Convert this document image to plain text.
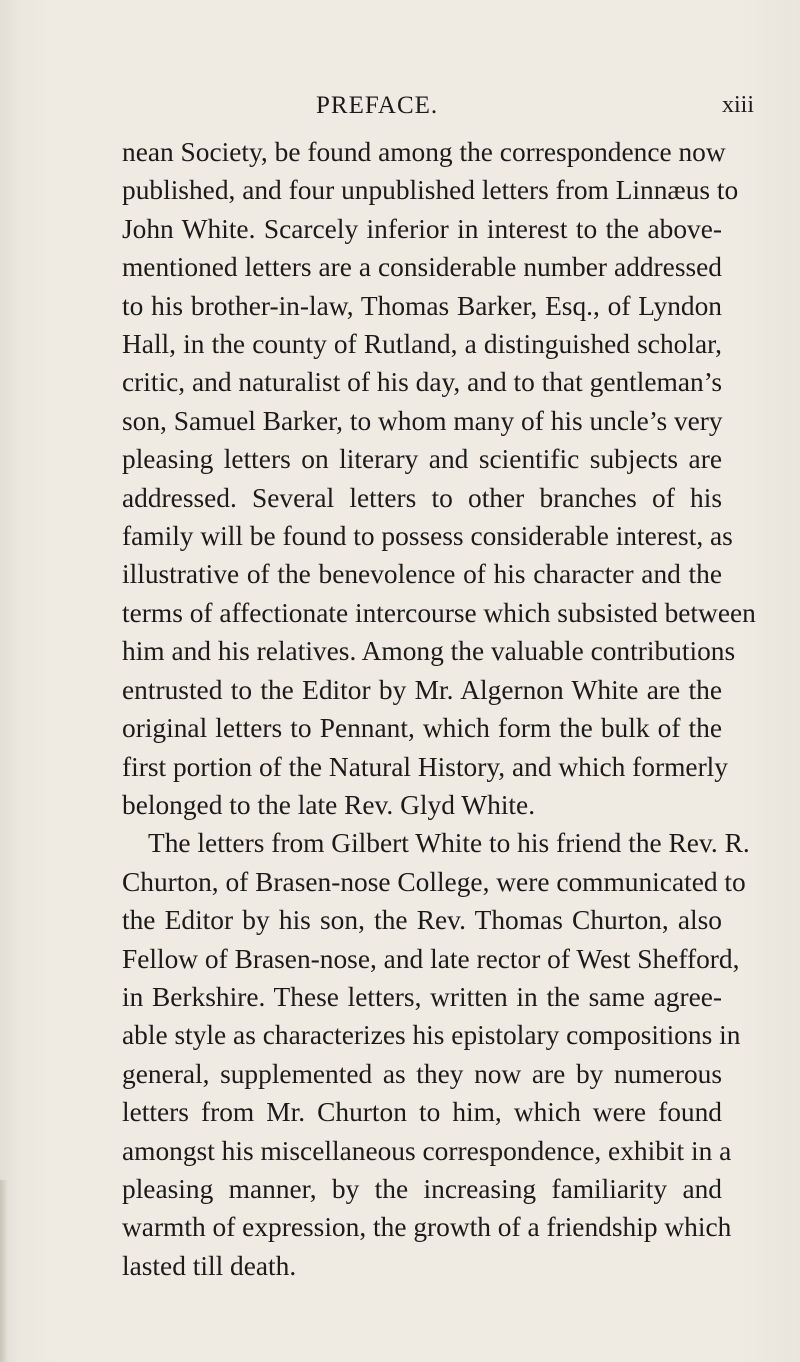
PREFACE.	xiii
nean Society, be found among the correspondence now
published, and four unpublished letters from Linnæus to
John White. Scarcely inferior in interest to the above-
mentioned letters are a considerable number addressed
to his brother-in-law, Thomas Barker, Esq., of Lyndon
Hall, in the county of Rutland, a distinguished scholar,
critic, and naturalist of his day, and to that gentleman’s
son, Samuel Barker, to whom many of his uncle’s very
pleasing letters on literary and scientific subjects are
addressed. Several letters to other branches of his
family will be found to possess considerable interest, as
illustrative of the benevolence of his character and the
terms of affectionate intercourse which subsisted between
him and his relatives. Among the valuable contributions
entrusted to the Editor by Mr. Algernon White are the
original letters to Pennant, which form the bulk of the
first portion of the Natural History, and which formerly
belonged to the late Rev. Glyd White.
The letters from Gilbert White to his friend the Rev. R.
Churton, of Brasen-nose College, were communicated to
the Editor by his son, the Rev. Thomas Churton, also
Fellow of Brasen-nose, and late rector of West Shefford,
in Berkshire. These letters, written in the same agree-
able style as characterizes his epistolary compositions in
general, supplemented as they now are by numerous
letters from Mr. Churton to him, which were found
amongst his miscellaneous correspondence, exhibit in a
pleasing manner, by the increasing familiarity and
warmth of expression, the growth of a friendship which
lasted till death.
